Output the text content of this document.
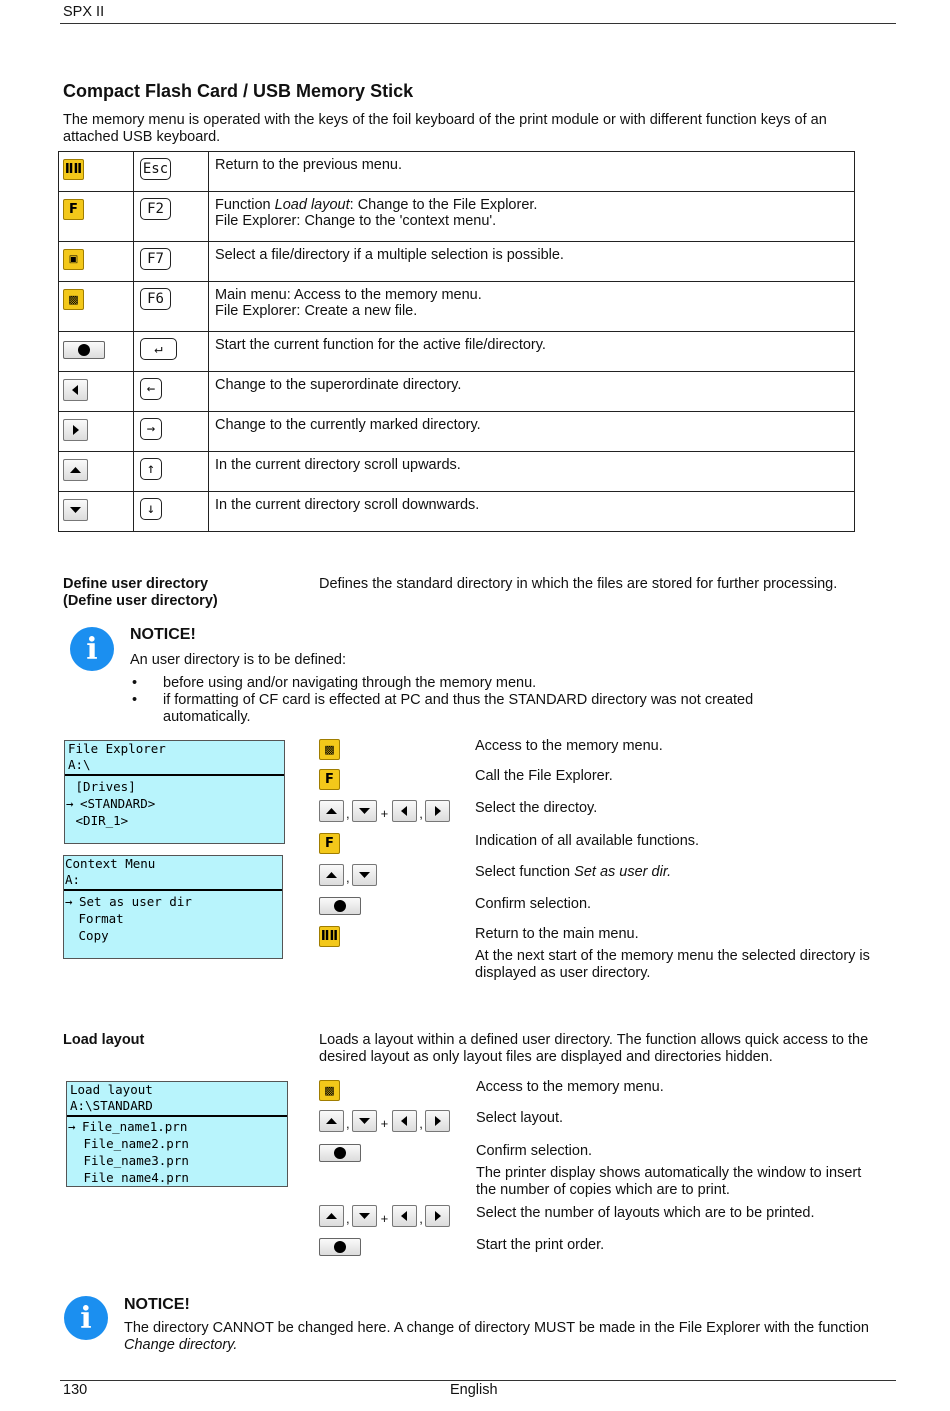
SPX II
Compact Flash Card / USB Memory Stick
The memory menu is operated with the keys of the foil keyboard of the print module or with different function keys of an attached USB keyboard.
ⅡⅡ	Esc	Return to the previous menu.

F	F2	Function Load layout: Change to the File Explorer.
File Explorer: Change to the 'context menu'.

▣	F7	Select a file/directory if a multiple selection is possible.

▩	F6	Main menu: Access to the memory menu.
File Explorer: Create a new file.

↵	Start the current function for the active file/directory.

←	Change to the superordinate directory.

→	Change to the currently marked directory.

↑	In the current directory scroll upwards.

↓	In the current directory scroll downwards.
Define user directory
(Define user directory)
Defines the standard directory in which the files are stored for further processing.
i	NOTICE!
An user directory is to be defined:
• before using and/or navigating through the memory menu.
• if formatting of CF card is effected at PC and thus the STANDARD directory was not created
automatically.
File Explorer
A:\
[Drives]
→ <STANDARD>
<DIR_1>
Context Menu
A:
→ Set as user dir
Format
Copy
▩	Access to the memory menu.
F	Call the File Explorer.
, + ,	Select the directoy.
F	Indication of all available functions.
,	Select function Set as user dir.
Confirm selection.
ⅡⅡ	Return to the main menu.
At the next start of the memory menu the selected directory is
displayed as user directory.
Load layout	Loads a layout within a defined user directory. The function allows quick access to the
desired layout as only layout files are displayed and directories hidden.
Load layout
A:\STANDARD
→ File_name1.prn
File_name2.prn
File_name3.prn
File name4.prn
▩	Access to the memory menu.
, + ,	Select layout.
Confirm selection.
The printer display shows automatically the window to insert
the number of copies which are to print.
, + ,	Select the number of layouts which are to be printed.
Start the print order.
i	NOTICE!
The directory CANNOT be changed here. A change of directory MUST be made in the File Explorer with the function
Change directory.
130	English
